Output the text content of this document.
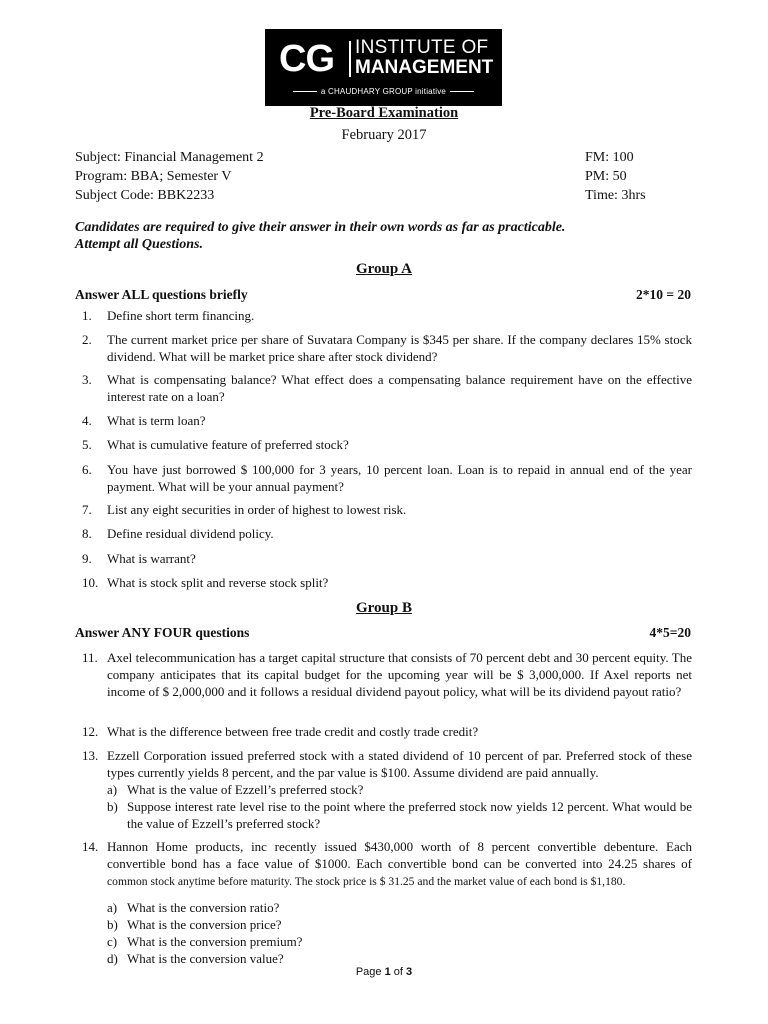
CG INSTITUTE OF
MANAGEMENT
a CHAUDHARY GROUP initiative
Pre-Board Examination
February 2017
Subject: Financial Management 2
Program: BBA; Semester V
Subject Code: BBK2233
FM: 100
PM: 50
Time: 3hrs
Candidates are required to give their answer in their own words as far as practicable.
Attempt all Questions.
Group A
Answer ALL questions briefly	2*10 = 20
1.	Define short term financing.
2.	The current market price per share of Suvatara Company is $345 per share. If the company declares 15% stock dividend. What will be market price share after stock dividend?
3.	What is compensating balance? What effect does a compensating balance requirement have on the effective interest rate on a loan?
4.	What is term loan?
5.	What is cumulative feature of preferred stock?
6.	You have just borrowed $ 100,000 for 3 years, 10 percent loan. Loan is to repaid in annual end of the year payment. What will be your annual payment?
7.	List any eight securities in order of highest to lowest risk.
8.	Define residual dividend policy.
9.	What is warrant?
10. What is stock split and reverse stock split?
Group B
Answer ANY FOUR questions	4*5=20
11. Axel telecommunication has a target capital structure that consists of 70 percent debt and 30 percent equity. The company anticipates that its capital budget for the upcoming year will be $ 3,000,000. If Axel reports net income of $ 2,000,000 and it follows a residual dividend payout policy, what will be its dividend payout ratio?
12. What is the difference between free trade credit and costly trade credit?
13. Ezzell Corporation issued preferred stock with a stated dividend of 10 percent of par. Preferred stock of these types currently yields 8 percent, and the par value is $100. Assume dividend are paid annually.
a) What is the value of Ezzell’s preferred stock?
b) Suppose interest rate level rise to the point where the preferred stock now yields 12 percent. What would be the value of Ezzell’s preferred stock?
14. Hannon Home products, inc recently issued $430,000 worth of 8 percent convertible debenture. Each convertible bond has a face value of $1000. Each convertible bond can be converted into 24.25 shares of common stock anytime before maturity. The stock price is $ 31.25 and the market value of each bond is $1,180.
a) What is the conversion ratio?
b) What is the conversion price?
c) What is the conversion premium?
d) What is the conversion value?
Page 1 of 3
